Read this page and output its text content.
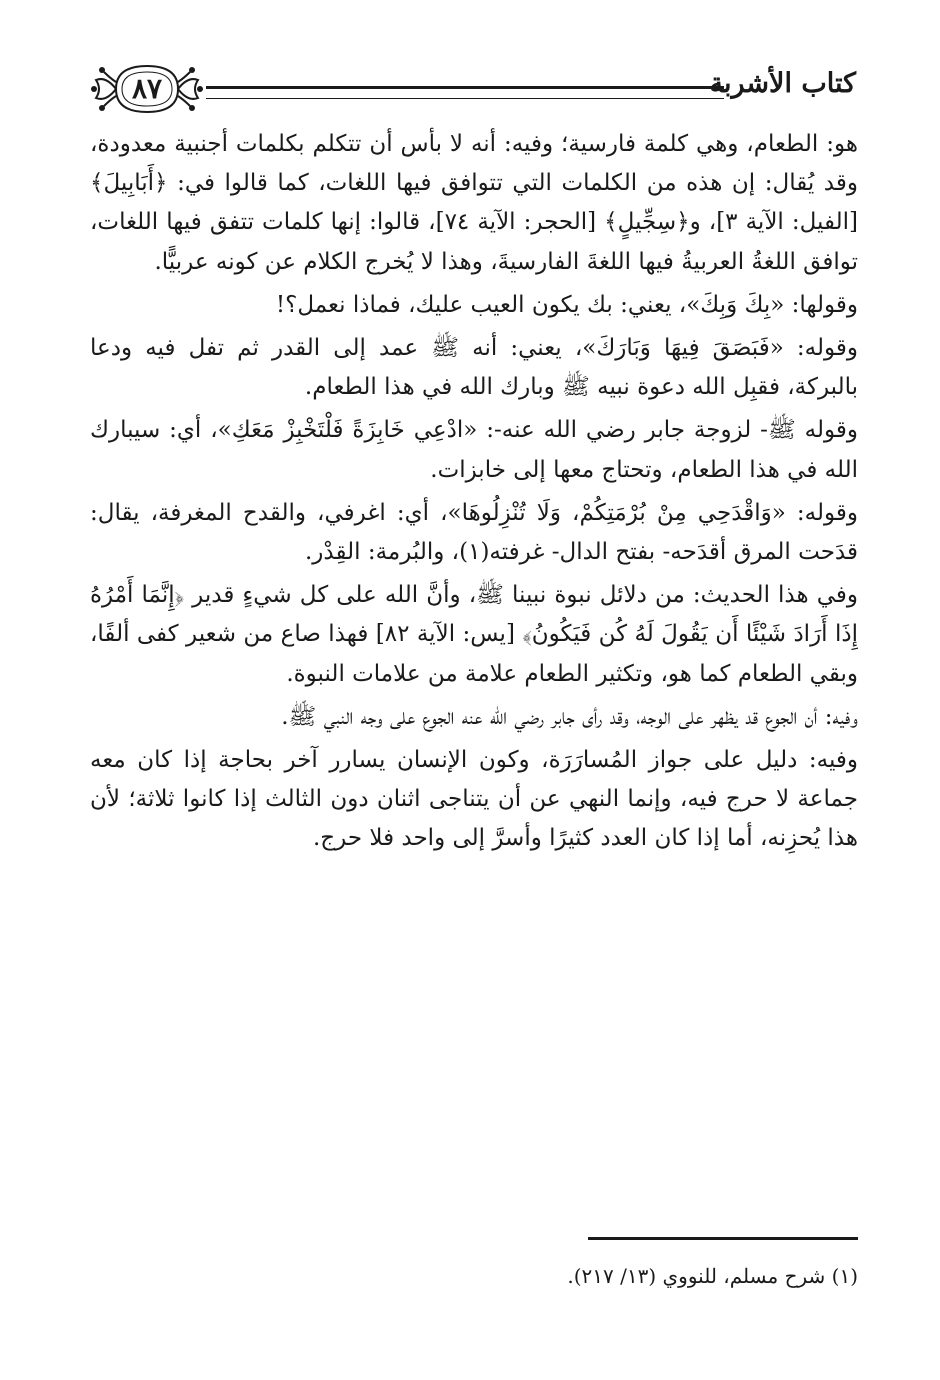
كتاب الأشربة
٨٧

هو: الطعام، وهي كلمة فارسية؛ وفيه: أنه لا بأس أن تتكلم بكلمات أجنبية معدودة، وقد يُقال: إن هذه من الكلمات التي تتوافق فيها اللغات، كما قالوا في: ﴿أَبَابِيلَ﴾ [الفيل: الآية ٣]، و﴿سِجِّيلٍ﴾ [الحجر: الآية ٧٤]، قالوا: إنها كلمات تتفق فيها اللغات، توافق اللغةُ العربيةُ فيها اللغةَ الفارسيةَ، وهذا لا يُخرج الكلام عن كونه عربيًّا.

وقولها: «بِكَ وَبِكَ»، يعني: بك يكون العيب عليك، فماذا نعمل؟!

وقوله: «فَبَصَقَ فِيهَا وَبَارَكَ»، يعني: أنه ﷺ عمد إلى القدر ثم تفل فيه ودعا بالبركة، فقبِل الله دعوة نبيه ﷺ وبارك الله في هذا الطعام.

وقوله ﷺ- لزوجة جابر رضي الله عنه-: «ادْعِي خَابِزَةً فَلْتَخْبِزْ مَعَكِ»، أي: سيبارك الله في هذا الطعام، وتحتاج معها إلى خابزات.

وقوله: «وَاقْدَحِي مِنْ بُرْمَتِكُمْ، وَلَا تُنْزِلُوهَا»، أي: اغرفي، والقدح المغرفة، يقال: قدَحت المرق أقدَحه- بفتح الدال- غرفته(١)، والبُرمة: القِدْر.

وفي هذا الحديث: من دلائل نبوة نبينا ﷺ، وأنَّ الله على كل شيءٍ قدير ﴿إِنَّمَا أَمْرُهُ إِذَا أَرَادَ شَيْئًا أَن يَقُولَ لَهُ كُن فَيَكُونُ﴾ [يس: الآية ٨٢] فهذا صاع من شعير كفى ألفًا، وبقي الطعام كما هو، وتكثير الطعام علامة من علامات النبوة.

وفيه: أن الجوع قد يظهر على الوجه، وقد رأى جابر رضي الله عنه الجوع على وجه النبي ﷺ.

وفيه: دليل على جواز المُسارَرَة، وكون الإنسان يسارر آخر بحاجة إذا كان معه جماعة لا حرج فيه، وإنما النهي عن أن يتناجى اثنان دون الثالث إذا كانوا ثلاثة؛ لأن هذا يُحزِنه، أما إذا كان العدد كثيرًا وأسرَّ إلى واحد فلا حرج.

(١) شرح مسلم، للنووي (١٣/ ٢١٧).
